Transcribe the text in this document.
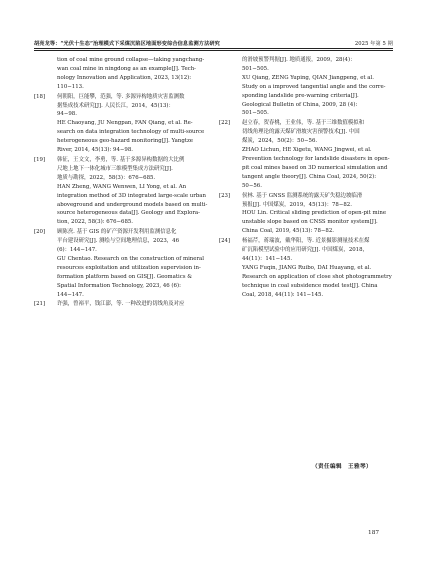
胡亮龙等：“光伏十生态”治理模式下采煤沉陷区地面形变综合信息监测方法研究	2025 年第 5 期
tion of coal mine ground collapse—taking yangchang-
wan coal mine in ningdong as an example[J]. Tech-
nology Innovation and Application, 2023, 13(12):
110−113.
[18] 何朝阳，巨能攀，范强，等. 多源异构地质灾害监测数
据集成技术研究[J]. 人民长江，2014，45(13)：
94−98.
HE Chaoyang, JU Nengpan, FAN Qiang, et al. Re-
search on data integration technology of multi-source
heterogeneous geo-hazard monitoring[J]. Yangtze
River, 2014, 45(13): 94−98.
[19] 韩征，王文文，李勇，等. 基于多源异构数据的大比例
尺地上地下一体化城市三维模型集成方法研究[J].
地质与勘探，2022，58(3)：676−685.
HAN Zheng, WANG Wenwen, LI Yong, et al. An
integration method of 3D integrated large-scale urban
aboveground and underground models based on multi-
source heterogeneous data[J]. Geology and Explora-
tion, 2022, 58(3): 676−685.
[20] 顾陈焘. 基于 GIS 的矿产资源开发利用监测信息化
平台建设研究[J]. 测绘与空间地理信息，2023，46
(6)：144−147.
GU Chentao. Research on the construction of mineral
resources exploitation and utilization supervision in-
formation platform based on GIS[J]. Geomatics &
Spatial Information Technology, 2023, 46 (6):
144−147.
[21] 许强，曾裕平，钱江澎，等. 一种改进的切线角及对应
的滑坡预警判据[J]. 地质通报，2009，28(4)：
501−505.
XU Qiang, ZENG Yuping, QIAN Jiangpeng, et al.
Study on a improved tangential angle and the corre-
sponding landslide pre-warning criteria[J].
Geological Bulletin of China, 2009, 28 (4):
501−505.
[22] 赵立春，贺春桃，王业伟，等. 基于三维数值模拟和
切线角理论的露天煤矿滑坡灾害预警技术[J]. 中国
煤炭，2024，50(2)：50−56.
ZHAO Lichun, HE Xigetu, WANG Jingwei, et al.
Prevention technology for landslide disasters in open-
pit coal mines based on 3D numerical simulation and
tangent angle theory[J]. China Coal, 2024, 50(2):
50−56.
[23] 侯林. 基于 GNSS 监测系统的露天矿失稳边坡临滑
预报[J]. 中国煤炭，2019，45(13)：78−82.
HOU Lin. Critical sliding prediction of open-pit mine
unstable slope based on CNSS monitor system[J].
China Coal, 2019, 45(13): 78−82.
[24] 杨福芹，蒋瑞波，戴华阳，等. 近景摄影测量技术在煤
矿沉陷模型试验中的应用研究[J]. 中国煤炭，2018，
44(11)：141−145.
YANG Fuqin, JIANG Ruibo, DAI Huayang, et al.
Research on application of close shot photogrammetry
technique in coal subsidence model test[J]. China
Coal, 2018, 44(11): 141−145.
（责任编辑　王雅琴）
187
